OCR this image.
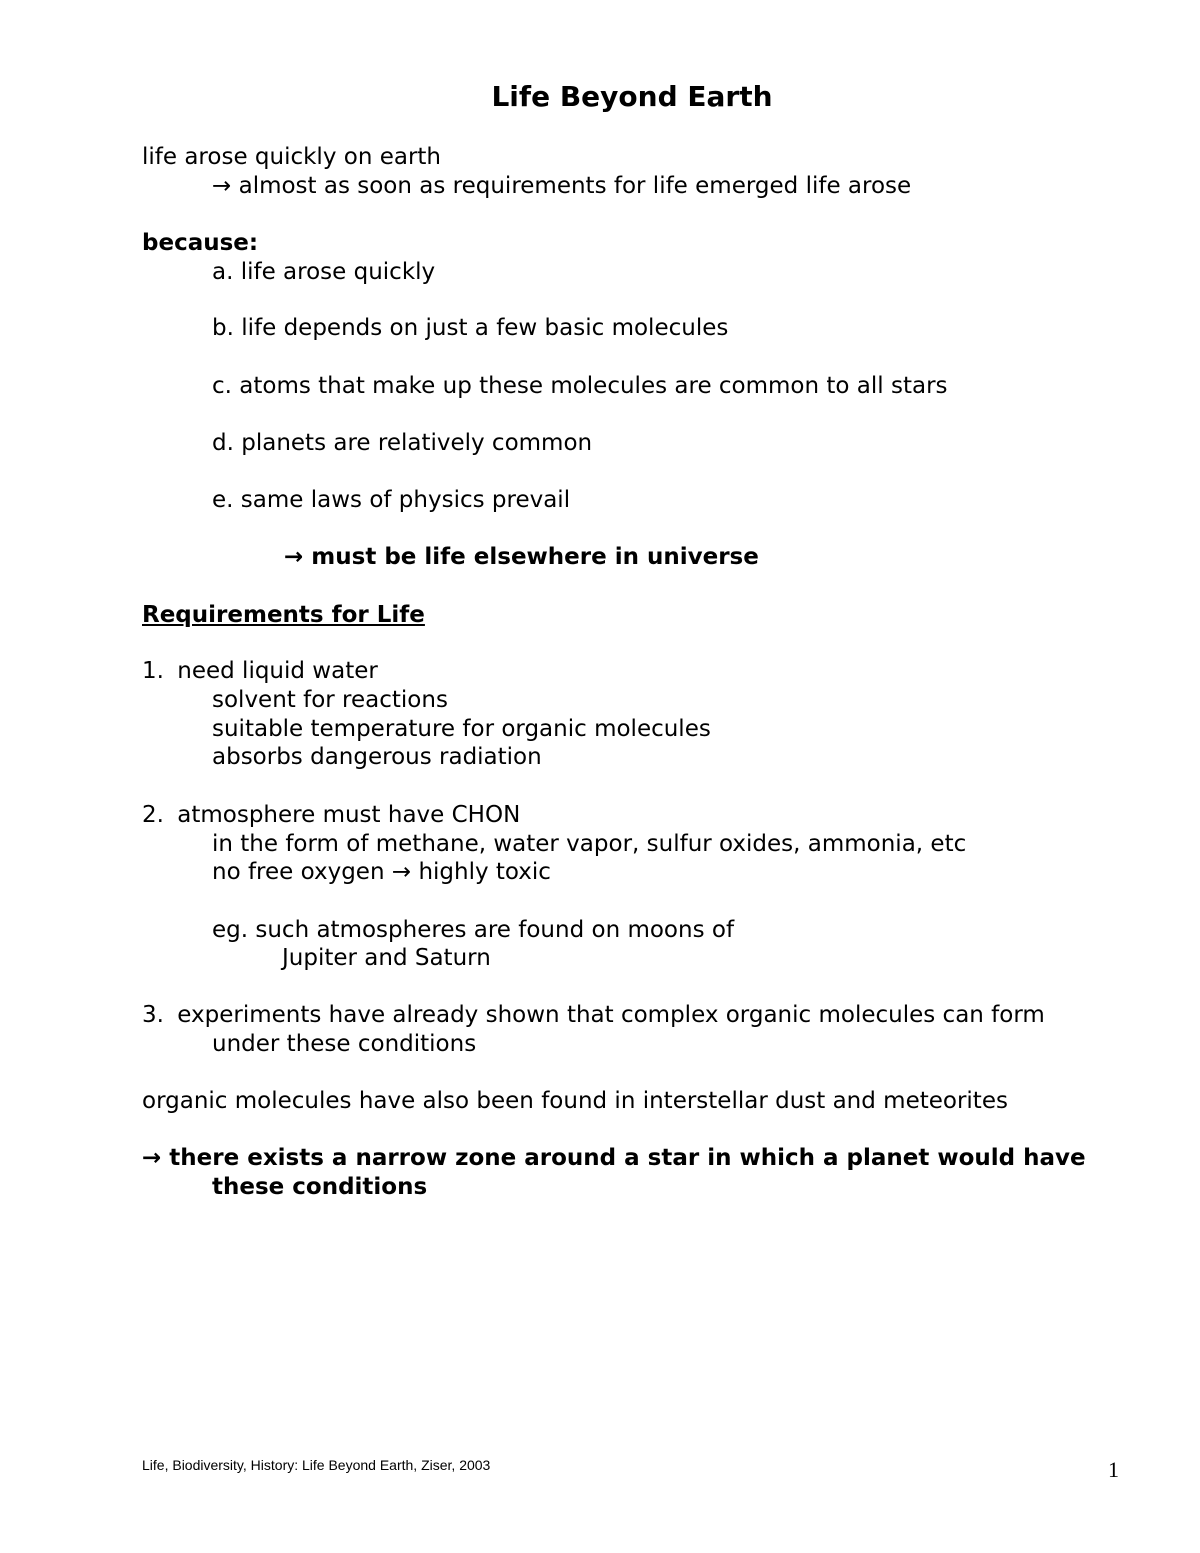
Life Beyond Earth
life arose quickly on earth
→ almost as soon as requirements for life emerged life arose
because:
a. life arose quickly
b. life depends on just a few basic molecules
c. atoms that make up these molecules are common to all stars
d. planets are relatively common
e. same laws of physics prevail
→ must be life elsewhere in universe
Requirements for Life
1. need liquid water
solvent for reactions
suitable temperature for organic molecules
absorbs dangerous radiation
2. atmosphere must have CHON
in the form of methane, water vapor, sulfur oxides, ammonia, etc
no free oxygen → highly toxic
eg. such atmospheres are found on moons of
Jupiter and Saturn
3. experiments have already shown that complex organic molecules can form
under these conditions
organic molecules have also been found in interstellar dust and meteorites
→ there exists a narrow zone around a star in which a planet would have
these conditions
Life, Biodiversity, History: Life Beyond Earth, Ziser, 2003	1
